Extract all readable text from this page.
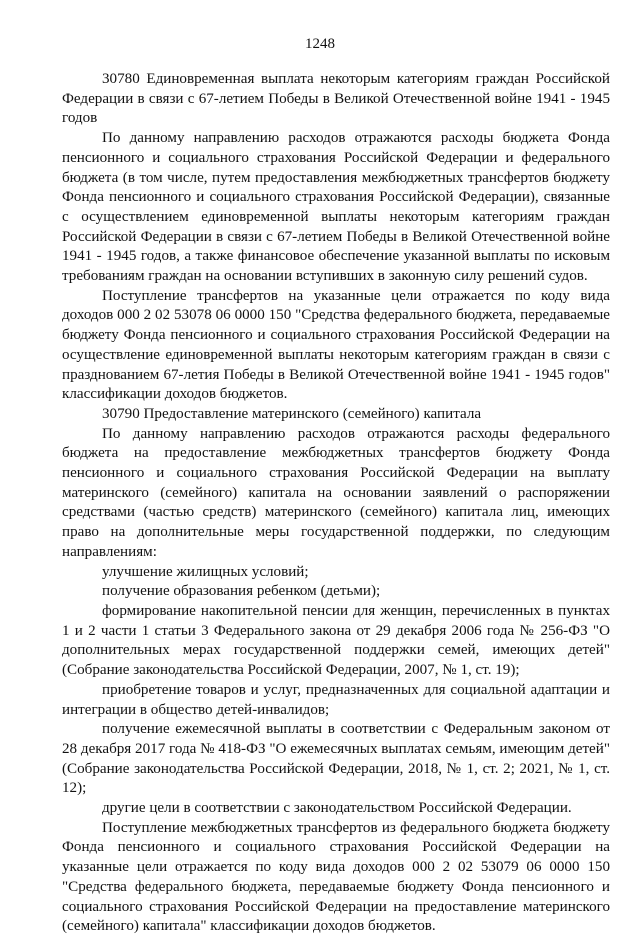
1248

30780 Единовременная выплата некоторым категориям граждан Российской Федерации в связи с 67-летием Победы в Великой Отечественной войне 1941 - 1945 годов

По данному направлению расходов отражаются расходы бюджета Фонда пенсионного и социального страхования Российской Федерации и федерального бюджета (в том числе, путем предоставления межбюджетных трансфертов бюджету Фонда пенсионного и социального страхования Российской Федерации), связанные с осуществлением единовременной выплаты некоторым категориям граждан Российской Федерации в связи с 67-летием Победы в Великой Отечественной войне 1941 - 1945 годов, а также финансовое обеспечение указанной выплаты по исковым требованиям граждан на основании вступивших в законную силу решений судов.

Поступление трансфертов на указанные цели отражается по коду вида доходов 000 2 02 53078 06 0000 150 "Средства федерального бюджета, передаваемые бюджету Фонда пенсионного и социального страхования Российской Федерации на осуществление единовременной выплаты некоторым категориям граждан в связи с празднованием 67-летия Победы в Великой Отечественной войне 1941 - 1945 годов" классификации доходов бюджетов.

30790 Предоставление материнского (семейного) капитала

По данному направлению расходов отражаются расходы федерального бюджета на предоставление межбюджетных трансфертов бюджету Фонда пенсионного и социального страхования Российской Федерации на выплату материнского (семейного) капитала на основании заявлений о распоряжении средствами (частью средств) материнского (семейного) капитала лиц, имеющих право на дополнительные меры государственной поддержки, по следующим направлениям:

улучшение жилищных условий;

получение образования ребенком (детьми);

формирование накопительной пенсии для женщин, перечисленных в пунктах 1 и 2 части 1 статьи 3 Федерального закона от 29 декабря 2006 года № 256-ФЗ "О дополнительных мерах государственной поддержки семей, имеющих детей" (Собрание законодательства Российской Федерации, 2007, № 1, ст. 19);

приобретение товаров и услуг, предназначенных для социальной адаптации и интеграции в общество детей-инвалидов;

получение ежемесячной выплаты в соответствии с Федеральным законом от 28 декабря 2017 года № 418-ФЗ "О ежемесячных выплатах семьям, имеющим детей" (Собрание законодательства Российской Федерации, 2018, № 1, ст. 2; 2021, № 1, ст. 12);

другие цели в соответствии с законодательством Российской Федерации.

Поступление межбюджетных трансфертов из федерального бюджета бюджету Фонда пенсионного и социального страхования Российской Федерации на указанные цели отражается по коду вида доходов 000 2 02 53079 06 0000 150 "Средства федерального бюджета, передаваемые бюджету Фонда пенсионного и социального страхования Российской Федерации на предоставление материнского (семейного) капитала" классификации доходов бюджетов.
